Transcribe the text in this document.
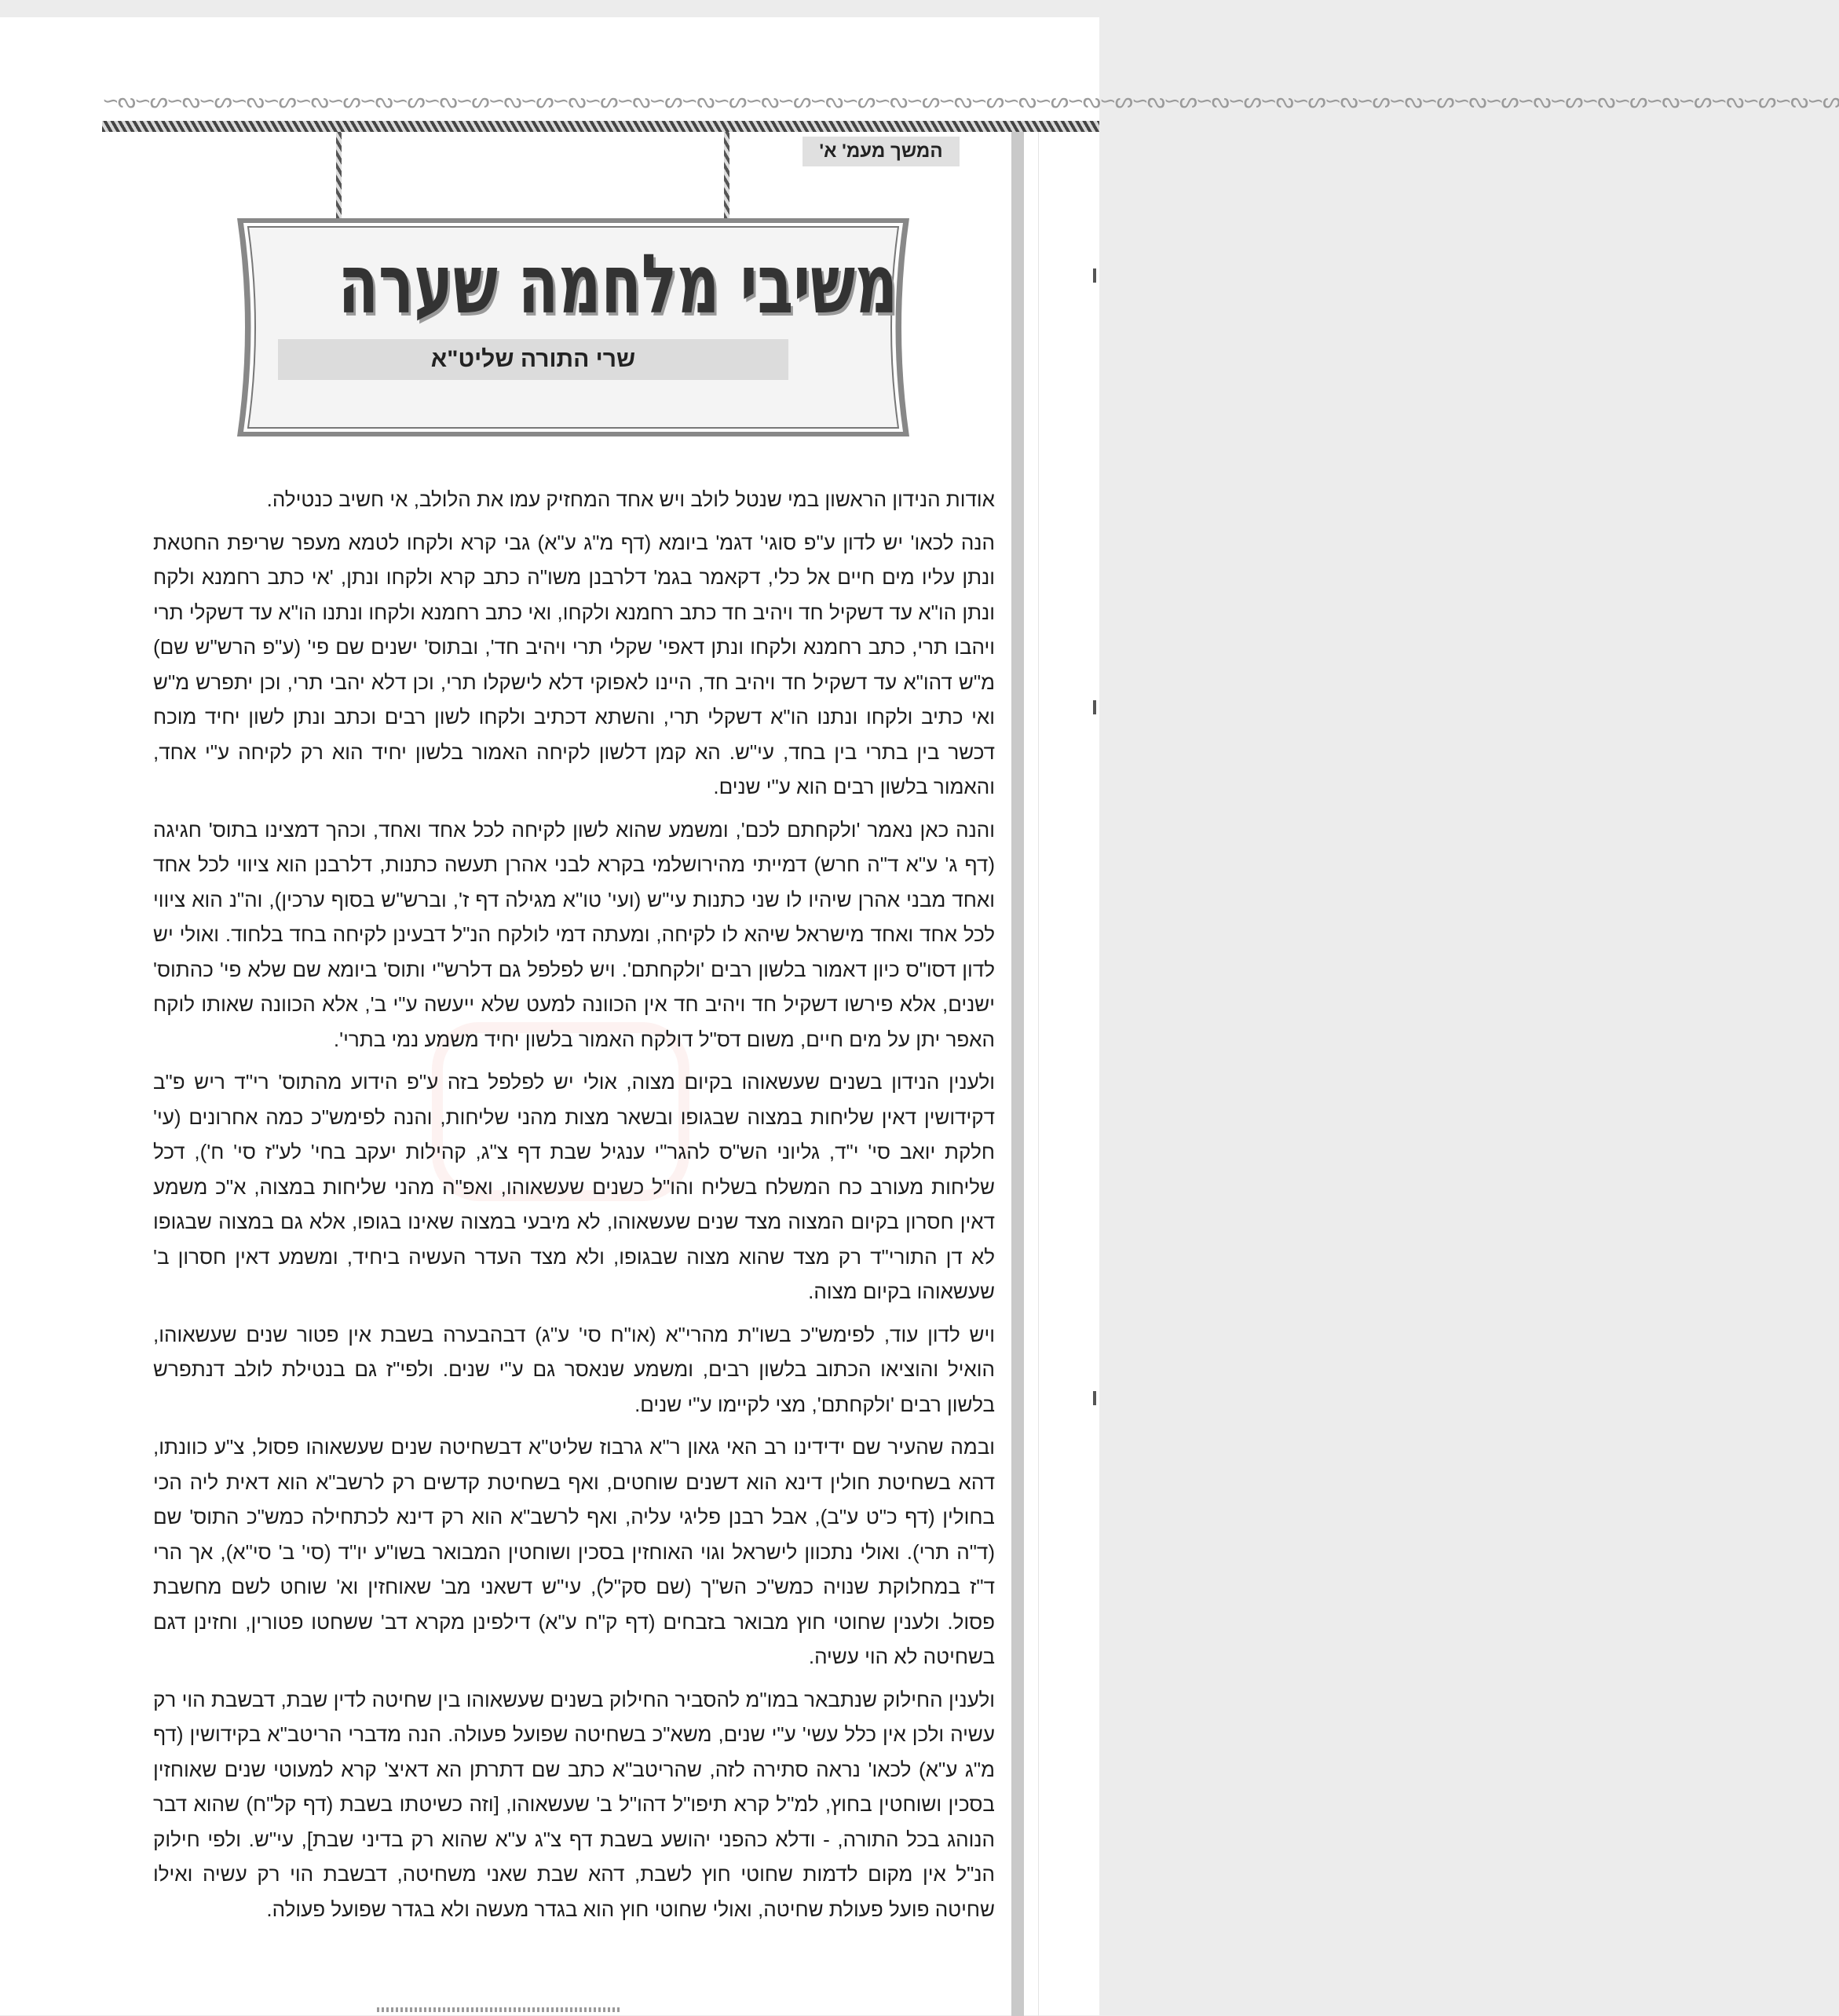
∽ᔓ∽ᔕ∽ᔓ∽ᔕ∽ᔓ∽ᔕ∽ᔓ∽ᔕ∽ᔓ∽ᔕ∽ᔓ∽ᔕ∽ᔓ∽ᔕ∽ᔓ∽ᔕ∽ᔓ∽ᔕ∽ᔓ∽ᔕ∽ᔓ∽ᔕ∽ᔓ∽ᔕ∽ᔓ∽ᔕ∽ᔓ∽ᔕ∽ᔓ∽ᔕ∽ᔓ∽ᔕ∽ᔓ∽ᔕ∽ᔓ∽ᔕ∽ᔓ∽ᔕ∽ᔓ∽ᔕ∽ᔓ∽ᔕ∽ᔓ∽ᔕ∽ᔓ∽ᔕ∽ᔓ∽ᔕ∽ᔓ∽ᔕ∽ᔓ∽ᔕ∽ᔓ∽ᔕ
המשך מעמ' א'
משיבי מלחמה שערה
שרי התורה שליט"א

אודות הנידון הראשון במי שנטל לולב ויש אחד המחזיק עמו את הלולב, אי חשיב כנטילה.

הנה לכאו' יש לדון ע"פ סוגי' דגמ' ביומא (דף מ"ג ע"א) גבי קרא ולקחו לטמא מעפר שריפת החטאת ונתן עליו מים חיים אל כלי, דקאמר בגמ' דלרבנן משו"ה כתב קרא ולקחו ונתן, 'אי כתב רחמנא ולקח ונתן הו"א עד דשקיל חד ויהיב חד כתב רחמנא ולקחו, ואי כתב רחמנא ולקחו ונתנו הו"א עד דשקלי תרי ויהבו תרי, כתב רחמנא ולקחו ונתן דאפי' שקלי תרי ויהיב חד', ובתוס' ישנים שם פי' (ע"פ הרש"ש שם) מ"ש דהו"א עד דשקיל חד ויהיב חד, היינו לאפוקי דלא לישקלו תרי, וכן דלא יהבי תרי, וכן יתפרש מ"ש ואי כתיב ולקחו ונתנו הו"א דשקלי תרי, והשתא דכתיב ולקחו לשון רבים וכתב ונתן לשון יחיד מוכח דכשר בין בתרי בין בחד, עי"ש. הא קמן דלשון לקיחה האמור בלשון יחיד הוא רק לקיחה ע"י אחד, והאמור בלשון רבים הוא ע"י שנים.

והנה כאן נאמר 'ולקחתם לכם', ומשמע שהוא לשון לקיחה לכל אחד ואחד, וכהך דמצינו בתוס' חגיגה (דף ג' ע"א ד"ה חרש) דמייתי מהירושלמי בקרא לבני אהרן תעשה כתנות, דלרבנן הוא ציווי לכל אחד ואחד מבני אהרן שיהיו לו שני כתנות עי"ש (ועי' טו"א מגילה דף ז', וברש"ש בסוף ערכין), וה"נ הוא ציווי לכל אחד ואחד מישראל שיהא לו לקיחה, ומעתה דמי לולקח הנ"ל דבעינן לקיחה בחד בלחוד. ואולי יש לדון דסו"ס כיון דאמור בלשון רבים 'ולקחתם'. ויש לפלפל גם דלרש"י ותוס' ביומא שם שלא פי' כהתוס' ישנים, אלא פירשו דשקיל חד ויהיב חד אין הכוונה למעט שלא ייעשה ע"י ב', אלא הכוונה שאותו לוקח האפר יתן על מים חיים, משום דס"ל דולקח האמור בלשון יחיד משמע נמי בתרי'.

ולענין הנידון בשנים שעשאוהו בקיום מצוה, אולי יש לפלפל בזה ע"פ הידוע מהתוס' רי"ד ריש פ"ב דקידושין דאין שליחות במצוה שבגופו ובשאר מצות מהני שליחות, והנה לפימש"כ כמה אחרונים (עי' חלקת יואב סי' י"ד, גליוני הש"ס להגר"י ענגיל שבת דף צ"ג, קהילות יעקב בחי' לע"ז סי' ח'), דכל שליחות מעורב כח המשלח בשליח והו"ל כשנים שעשאוהו, ואפ"ה מהני שליחות במצוה, א"כ משמע דאין חסרון בקיום המצוה מצד שנים שעשאוהו, לא מיבעי במצוה שאינו בגופו, אלא גם במצוה שבגופו לא דן התורי"ד רק מצד שהוא מצוה שבגופו, ולא מצד העדר העשיה ביחיד, ומשמע דאין חסרון ב' שעשאוהו בקיום מצוה.

ויש לדון עוד, לפימש"כ בשו"ת מהרי"א (או"ח סי' ע"ג) דבהבערה בשבת אין פטור שנים שעשאוהו, הואיל והוציאו הכתוב בלשון רבים, ומשמע שנאסר גם ע"י שנים. ולפי"ז גם בנטילת לולב דנתפרש בלשון רבים 'ולקחתם', מצי לקיימו ע"י שנים.

ובמה שהעיר שם ידידינו רב האי גאון ר"א גרבוז שליט"א דבשחיטה שנים שעשאוהו פסול, צ"ע כוונתו, דהא בשחיטת חולין דינא הוא דשנים שוחטים, ואף בשחיטת קדשים רק לרשב"א הוא דאית ליה הכי בחולין (דף כ"ט ע"ב), אבל רבנן פליגי עליה, ואף לרשב"א הוא רק דינא לכתחילה כמש"כ התוס' שם (ד"ה תרי). ואולי נתכוון לישראל וגוי האוחזין בסכין ושוחטין המבואר בשו"ע יו"ד (סי' ב' סי"א), אך הרי ד"ז במחלוקת שנויה כמש"כ הש"ך (שם סק"ל), עי"ש דשאני מב' שאוחזין וא' שוחט לשם מחשבת פסול. ולענין שחוטי חוץ מבואר בזבחים (דף ק"ח ע"א) דילפינן מקרא דב' ששחטו פטורין, וחזינן דגם בשחיטה לא הוי עשיה.

ולענין החילוק שנתבאר במו"מ להסביר החילוק בשנים שעשאוהו בין שחיטה לדין שבת, דבשבת הוי רק עשיה ולכן אין כלל עשי' ע"י שנים, משא"כ בשחיטה שפועל פעולה. הנה מדברי הריטב"א בקידושין (דף מ"ג ע"א) לכאו' נראה סתירה לזה, שהריטב"א כתב שם דתרתן הא דאיצ' קרא למעוטי שנים שאוחזין בסכין ושוחטין בחוץ, למ"ל קרא תיפו"ל דהו"ל ב' שעשאוהו, [וזה כשיטתו בשבת (דף קל"ח) שהוא דבר הנוהג בכל התורה, - ודלא כהפני יהושע בשבת דף צ"ג ע"א שהוא רק בדיני שבת], עי"ש. ולפי חילוק הנ"ל אין מקום לדמות שחוטי חוץ לשבת, דהא שבת שאני משחיטה, דבשבת הוי רק עשיה ואילו שחיטה פועל פעולת שחיטה, ואולי שחוטי חוץ הוא בגדר מעשה ולא בגדר שפועל פעולה.
